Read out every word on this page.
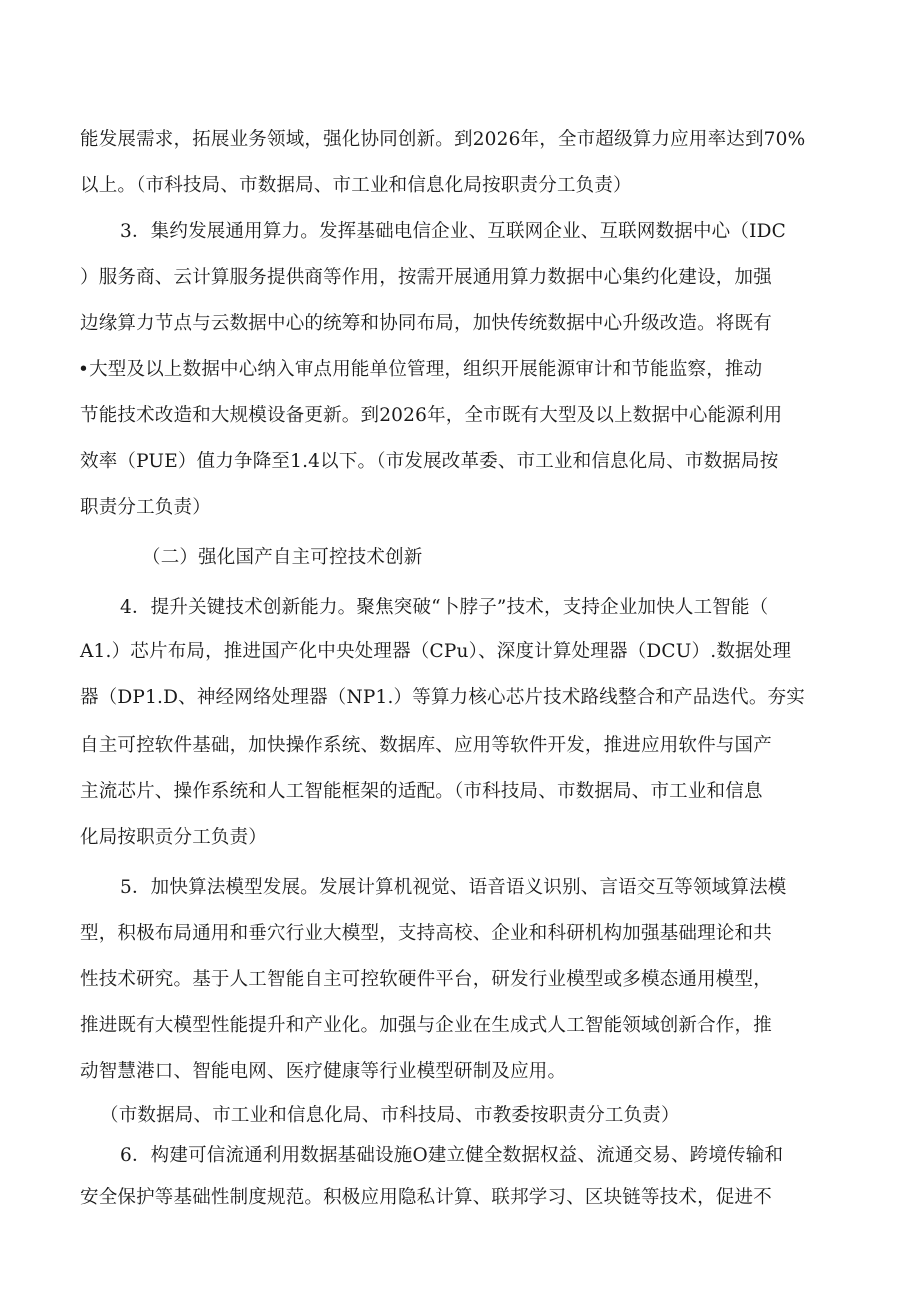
能发展需求，拓展业务领域，强化协同创新。到2026年，全市超级算力应用率达到70%
以上。（市科技局、市数据局、市工业和信息化局按职责分工负责）
3．集约发展通用算力。发挥基础电信企业、互联网企业、互联网数据中心（IDC
）服务商、云计算服务提供商等作用，按需开展通用算力数据中心集约化建设，加强
边缘算力节点与云数据中心的统筹和协同布局，加快传统数据中心升级改造。将既有
•大型及以上数据中心纳入审点用能单位管理，组织开展能源审计和节能监察，推动
节能技术改造和大规模设备更新。到2026年，全市既有大型及以上数据中心能源利用
效率（PUE）值力争降至1.4以下。（市发展改革委、市工业和信息化局、市数据局按
职责分工负责）
（二）强化国产自主可控技术创新
4．提升关键技术创新能力。聚焦突破“卜脖子”技术，支持企业加快人工智能（
A1.）芯片布局，推进国产化中央处理器（CPu）、深度计算处理器（DCU）.数据处理
器（DP1.D、神经网络处理器（NP1.）等算力核心芯片技术路线整合和产品迭代。夯实
自主可控软件基础，加快操作系统、数据库、应用等软件开发，推进应用软件与国产
主流芯片、操作系统和人工智能框架的适配。（市科技局、市数据局、市工业和信息
化局按职贡分工负责）
5．加快算法模型发展。发展计算机视觉、语音语义识别、言语交互等领域算法模
型，积极布局通用和垂穴行业大模型，支持高校、企业和科研机构加强基础理论和共
性技术研究。基于人工智能自主可控软硬件平台，研发行业模型或多模态通用模型，
推进既有大模型性能提升和产业化。加强与企业在生成式人工智能领域创新合作，推
动智慧港口、智能电网、医疗健康等行业模型研制及应用。
（市数据局、市工业和信息化局、市科技局、市教委按职责分工负责）
6．构建可信流通利用数据基础设施O建立健全数据权益、流通交易、跨境传输和
安全保护等基础性制度规范。积极应用隐私计算、联邦学习、区块链等技术，促进不
